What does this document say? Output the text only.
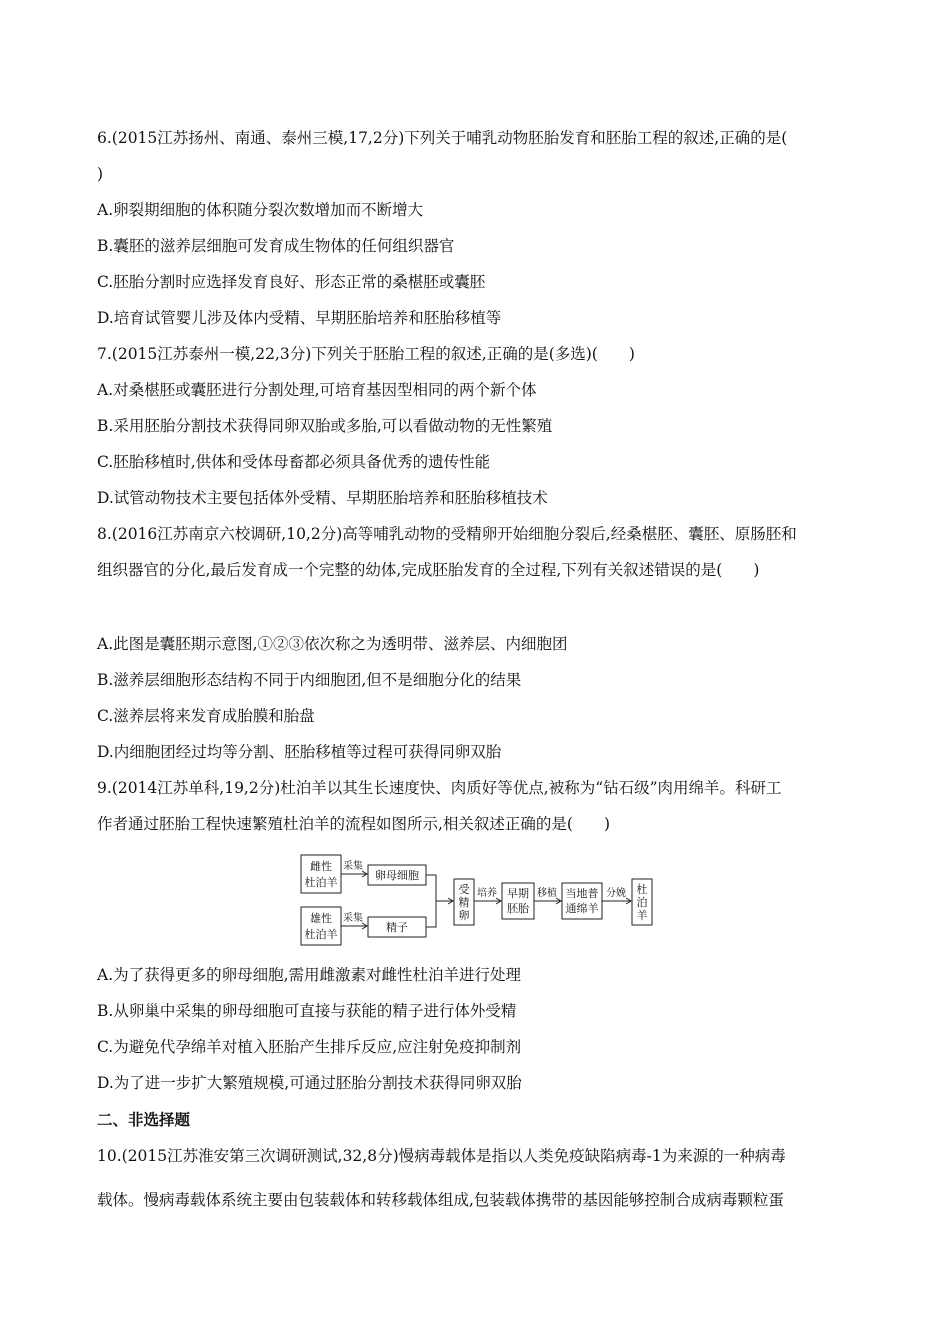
6.(2015江苏扬州、南通、泰州三模,17,2分)下列关于哺乳动物胚胎发育和胚胎工程的叙述,正确的是(
)
A.卵裂期细胞的体积随分裂次数增加而不断增大
B.囊胚的滋养层细胞可发育成生物体的任何组织器官
C.胚胎分割时应选择发育良好、形态正常的桑椹胚或囊胚
D.培育试管婴儿涉及体内受精、早期胚胎培养和胚胎移植等
7.(2015江苏泰州一模,22,3分)下列关于胚胎工程的叙述,正确的是(多选)(　　)
A.对桑椹胚或囊胚进行分割处理,可培育基因型相同的两个新个体
B.采用胚胎分割技术获得同卵双胎或多胎,可以看做动物的无性繁殖
C.胚胎移植时,供体和受体母畜都必须具备优秀的遗传性能
D.试管动物技术主要包括体外受精、早期胚胎培养和胚胎移植技术
8.(2016江苏南京六校调研,10,2分)高等哺乳动物的受精卵开始细胞分裂后,经桑椹胚、囊胚、原肠胚和
组织器官的分化,最后发育成一个完整的幼体,完成胚胎发育的全过程,下列有关叙述错误的是(　　)
A.此图是囊胚期示意图,①②③依次称之为透明带、滋养层、内细胞团
B.滋养层细胞形态结构不同于内细胞团,但不是细胞分化的结果
C.滋养层将来发育成胎膜和胎盘
D.内细胞团经过均等分割、胚胎移植等过程可获得同卵双胎
9.(2014江苏单科,19,2分)杜泊羊以其生长速度快、肉质好等优点,被称为“钻石级”肉用绵羊。科研工
作者通过胚胎工程快速繁殖杜泊羊的流程如图所示,相关叙述正确的是(　　)
雌性
杜泊羊
雄性
杜泊羊
采集
采集
卵母细胞
精子
受
精
卵
培养 早期
胚胎
移植 当地普
通绵羊
分娩 杜
泊
羊
A.为了获得更多的卵母细胞,需用雌激素对雌性杜泊羊进行处理
B.从卵巢中采集的卵母细胞可直接与获能的精子进行体外受精
C.为避免代孕绵羊对植入胚胎产生排斥反应,应注射免疫抑制剂
D.为了进一步扩大繁殖规模,可通过胚胎分割技术获得同卵双胎
二、非选择题
10.(2015江苏淮安第三次调研测试,32,8分)慢病毒载体是指以人类免疫缺陷病毒-1为来源的一种病毒
载体。慢病毒载体系统主要由包装载体和转移载体组成,包装载体携带的基因能够控制合成病毒颗粒蛋
